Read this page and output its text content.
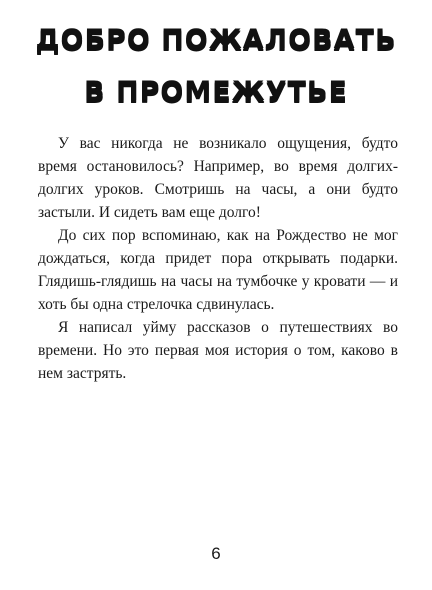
ДОБРО ПОЖАЛОВАТЬ
В ПРОМЕЖУТЬЕ

У вас никогда не возникало ощущения, будто время остановилось? Например, во время долгих-долгих уроков. Смотришь на часы, а они будто застыли. И сидеть вам еще долго!

До сих пор вспоминаю, как на Рождество не мог дождаться, когда придет пора открывать подарки. Глядишь-глядишь на часы на тумбочке у кровати — и хоть бы одна стрелочка сдвинулась.

Я написал уйму рассказов о путешествиях во времени. Но это первая моя история о том, каково в нем застрять.

6
